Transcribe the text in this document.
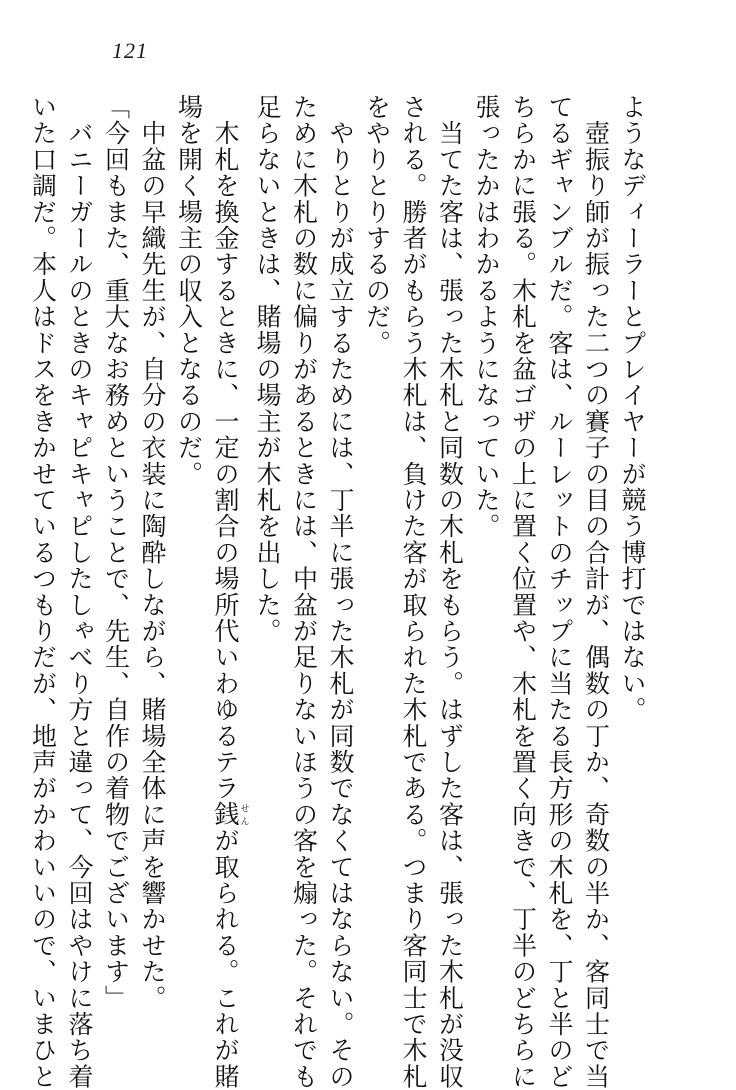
121

ようなディーラーとプレイヤーが競う博打ではない。

　壺振り師が振った二つの賽子の目の合計が、偶数の丁か、奇数の半か、客同士で当

てるギャンブルだ。客は、ルーレットのチップに当たる長方形の木札を、丁と半のど

ちらかに張る。木札を盆ゴザの上に置く位置や、木札を置く向きで、丁半のどちらに

張ったかはわかるようになっていた。

　当てた客は、張った木札と同数の木札をもらう。はずした客は、張った木札が没収

される。勝者がもらう木札は、負けた客が取られた木札である。つまり客同士で木札

をやりとりするのだ。

　やりとりが成立するためには、丁半に張った木札が同数でなくてはならない。その

ために木札の数に偏りがあるときには、中盆が足りないほうの客を煽った。それでも

足らないときは、賭場の場主が木札を出した。

　木札を換金するときに、一定の割合の場所代いわゆるテラ銭せんが取られる。これが賭

場を開く場主の収入となるのだ。

　中盆の早織先生が、自分の衣装に陶酔しながら、賭場全体に声を響かせた。

「今回もまた、重大なお務めということで、先生、自作の着物でございます」

　バニーガールのときのキャピキャピしたしゃべり方と違って、今回はやけに落ち着

いた口調だ。本人はドスをきかせているつもりだが、地声がかわいいので、いまひと
